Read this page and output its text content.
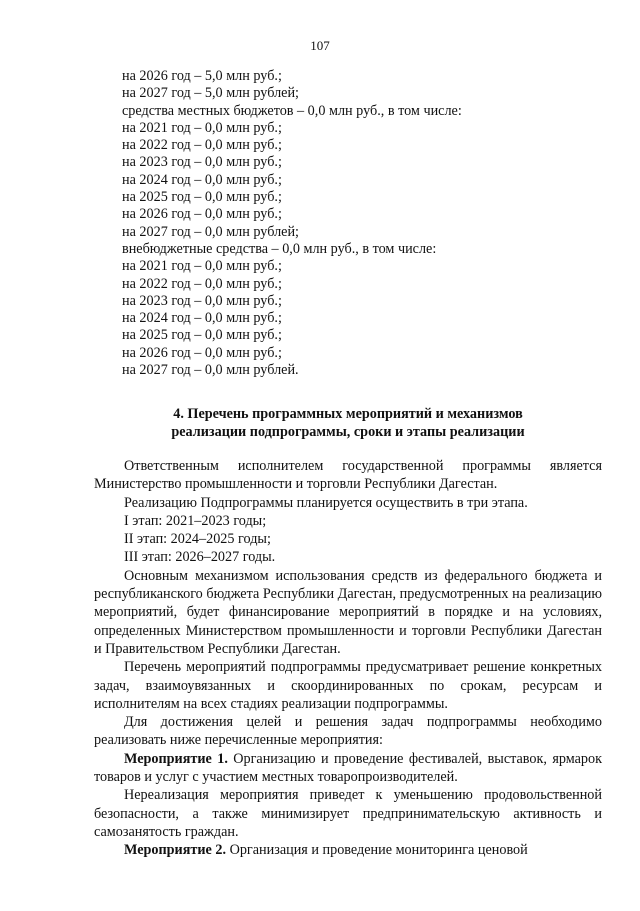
107
на 2026 год – 5,0 млн руб.;
на 2027 год – 5,0 млн рублей;
средства местных бюджетов – 0,0 млн руб., в том числе:
на 2021 год – 0,0 млн руб.;
на 2022 год – 0,0 млн руб.;
на 2023 год – 0,0 млн руб.;
на 2024 год – 0,0 млн руб.;
на 2025 год – 0,0 млн руб.;
на 2026 год – 0,0 млн руб.;
на 2027 год – 0,0 млн рублей;
внебюджетные средства – 0,0 млн руб., в том числе:
на 2021 год – 0,0 млн руб.;
на 2022 год – 0,0 млн руб.;
на 2023 год – 0,0 млн руб.;
на 2024 год – 0,0 млн руб.;
на 2025 год – 0,0 млн руб.;
на 2026 год – 0,0 млн руб.;
на 2027 год – 0,0 млн рублей.
4. Перечень программных мероприятий и механизмов
реализации подпрограммы, сроки и этапы реализации

Ответственным исполнителем государственной программы является Министерство промышленности и торговли Республики Дагестан.

Реализацию Подпрограммы планируется осуществить в три этапа.

I этап: 2021–2023 годы;

II этап: 2024–2025 годы;

III этап: 2026–2027 годы.

Основным механизмом использования средств из федерального бюджета и республиканского бюджета Республики Дагестан, предусмотренных на реализацию мероприятий, будет финансирование мероприятий в порядке и на условиях, определенных Министерством промышленности и торговли Республики Дагестан и Правительством Республики Дагестан.

Перечень мероприятий подпрограммы предусматривает решение конкретных задач, взаимоувязанных и скоординированных по срокам, ресурсам и исполнителям на всех стадиях реализации подпрограммы.

Для достижения целей и решения задач подпрограммы необходимо реализовать ниже перечисленные мероприятия:

Мероприятие 1. Организацию и проведение фестивалей, выставок, ярмарок товаров и услуг с участием местных товаропроизводителей.

Нереализация мероприятия приведет к уменьшению продовольственной безопасности, а также минимизирует предпринимательскую активность и самозанятость граждан.

Мероприятие 2. Организация и проведение мониторинга ценовой
